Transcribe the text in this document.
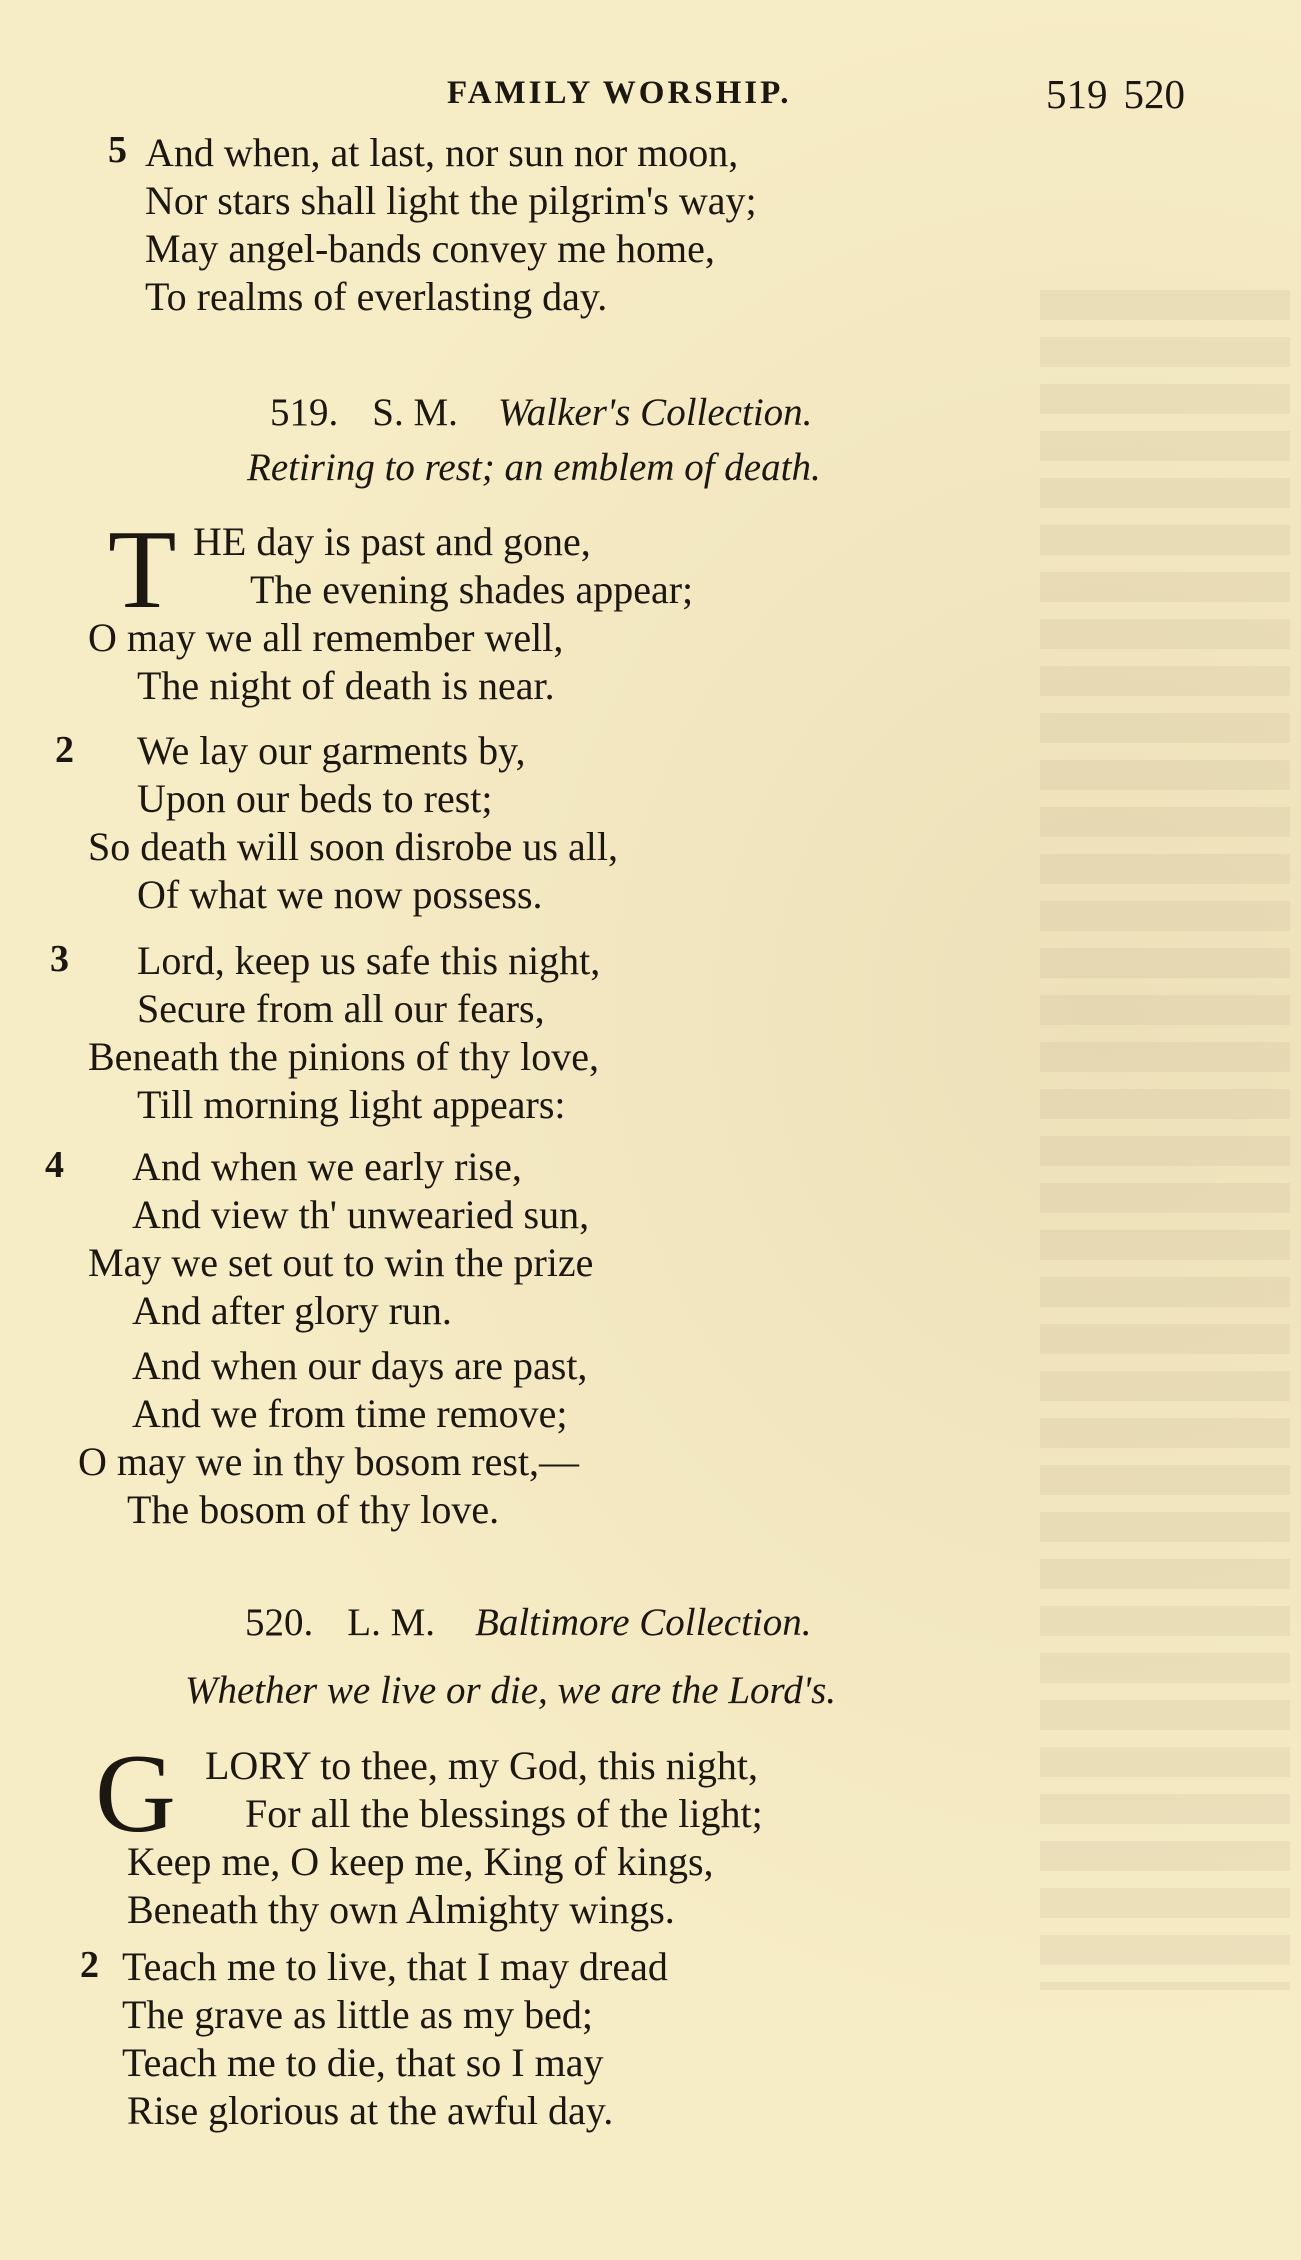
FAMILY WORSHIP.	519 520
5 And when, at last, nor sun nor moon,
Nor stars shall light the pilgrim's way;
May angel-bands convey me home,
To realms of everlasting day.
519. S. M. Walker's Collection.
Retiring to rest; an emblem of death.
T HE day is past and gone,
The evening shades appear;
O may we all remember well,
The night of death is near.
2 We lay our garments by,
Upon our beds to rest;
So death will soon disrobe us all,
Of what we now possess.
3 Lord, keep us safe this night,
Secure from all our fears,
Beneath the pinions of thy love,
Till morning light appears:
4 And when we early rise,
And view th' unwearied sun,
May we set out to win the prize
And after glory run.
And when our days are past,
And we from time remove;
O may we in thy bosom rest,—
The bosom of thy love.
520. L. M. Baltimore Collection.
Whether we live or die, we are the Lord's.
G LORY to thee, my God, this night,
For all the blessings of the light;
Keep me, O keep me, King of kings,
Beneath thy own Almighty wings.
2 Teach me to live, that I may dread
The grave as little as my bed;
Teach me to die, that so I may
Rise glorious at the awful day.
